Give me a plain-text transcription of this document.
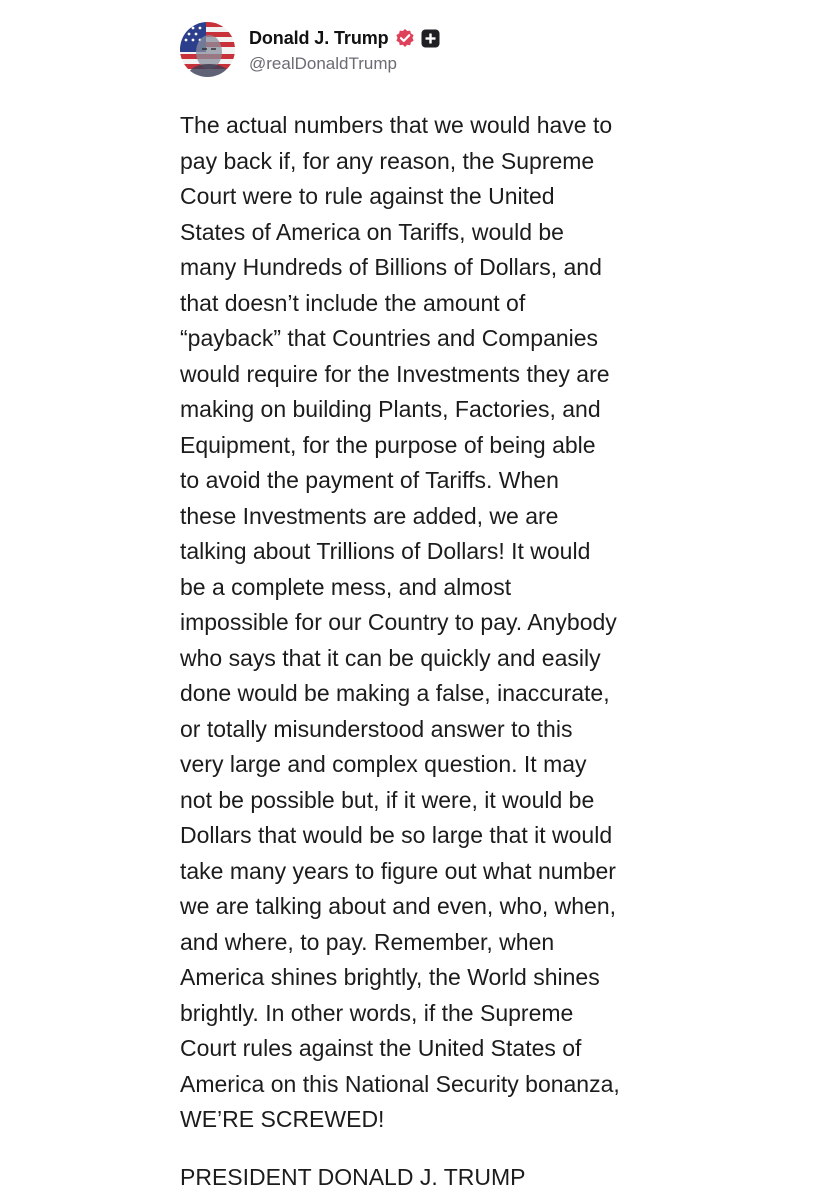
Donald J. Trump
@realDonaldTrump
The actual numbers that we would have to
pay back if, for any reason, the Supreme
Court were to rule against the United
States of America on Tariffs, would be
many Hundreds of Billions of Dollars, and
that doesn’t include the amount of
“payback” that Countries and Companies
would require for the Investments they are
making on building Plants, Factories, and
Equipment, for the purpose of being able
to avoid the payment of Tariffs. When
these Investments are added, we are
talking about Trillions of Dollars! It would
be a complete mess, and almost
impossible for our Country to pay. Anybody
who says that it can be quickly and easily
done would be making a false, inaccurate,
or totally misunderstood answer to this
very large and complex question. It may
not be possible but, if it were, it would be
Dollars that would be so large that it would
take many years to figure out what number
we are talking about and even, who, when,
and where, to pay. Remember, when
America shines brightly, the World shines
brightly. In other words, if the Supreme
Court rules against the United States of
America on this National Security bonanza,
WE’RE SCREWED!
PRESIDENT DONALD J. TRUMP
